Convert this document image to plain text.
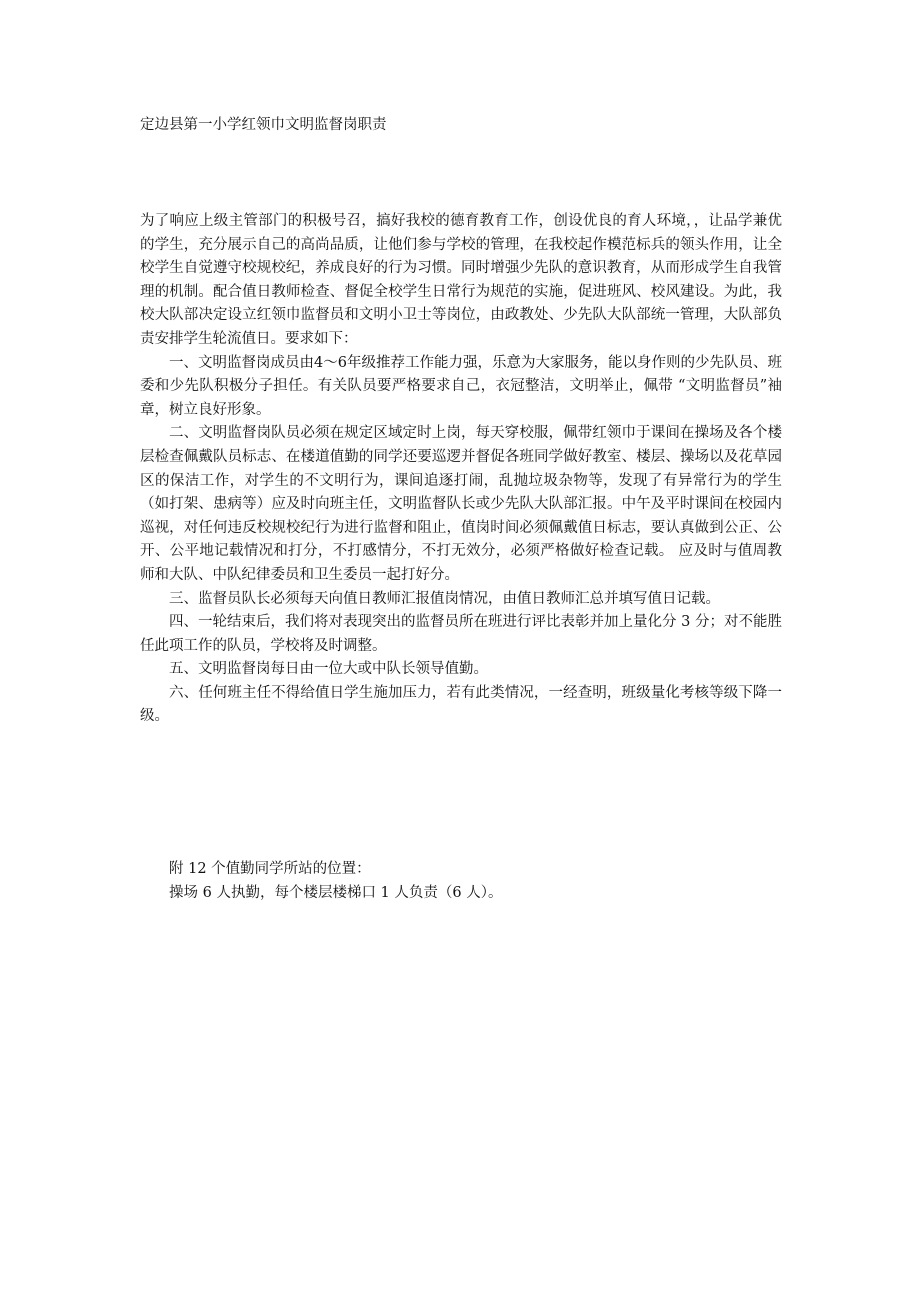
定边县第一小学红领巾文明监督岗职责

为了响应上级主管部门的积极号召，搞好我校的德育教育工作，创设优良的育人环境，，让品学兼优的学生，充分展示自己的高尚品质，让他们参与学校的管理，在我校起作模范标兵的领头作用，让全校学生自觉遵守校规校纪，养成良好的行为习惯。同时增强少先队的意识教育，从而形成学生自我管理的机制。配合值日教师检查、督促全校学生日常行为规范的实施，促进班风、校风建设。为此，我校大队部决定设立红领巾监督员和文明小卫士等岗位，由政教处、少先队大队部统一管理，大队部负责安排学生轮流值日。要求如下：

一、文明监督岗成员由4～6年级推荐工作能力强，乐意为大家服务，能以身作则的少先队员、班委和少先队积极分子担任。有关队员要严格要求自己，衣冠整洁，文明举止，佩带 “文明监督员”袖章，树立良好形象。

二、文明监督岗队员必须在规定区域定时上岗，每天穿校服，佩带红领巾于课间在操场及各个楼层检查佩戴队员标志、在楼道值勤的同学还要巡逻并督促各班同学做好教室、楼层、操场以及花草园区的保洁工作，对学生的不文明行为，课间追逐打闹，乱抛垃圾杂物等，发现了有异常行为的学生（如打架、患病等）应及时向班主任，文明监督队长或少先队大队部汇报。中午及平时课间在校园内巡视，对任何违反校规校纪行为进行监督和阻止，值岗时间必须佩戴值日标志，要认真做到公正、公开、公平地记载情况和打分，不打感情分，不打无效分，必须严格做好检查记载。 应及时与值周教师和大队、中队纪律委员和卫生委员一起打好分。

三、监督员队长必须每天向值日教师汇报值岗情况，由值日教师汇总并填写值日记载。

四、一轮结束后，我们将对表现突出的监督员所在班进行评比表彰并加上量化分 3 分；对不能胜任此项工作的队员，学校将及时调整。

五、文明监督岗每日由一位大或中队长领导值勤。

六、任何班主任不得给值日学生施加压力，若有此类情况，一经查明，班级量化考核等级下降一级。

附 12 个值勤同学所站的位置：

操场 6 人执勤，每个楼层楼梯口 1 人负责（6 人）。
